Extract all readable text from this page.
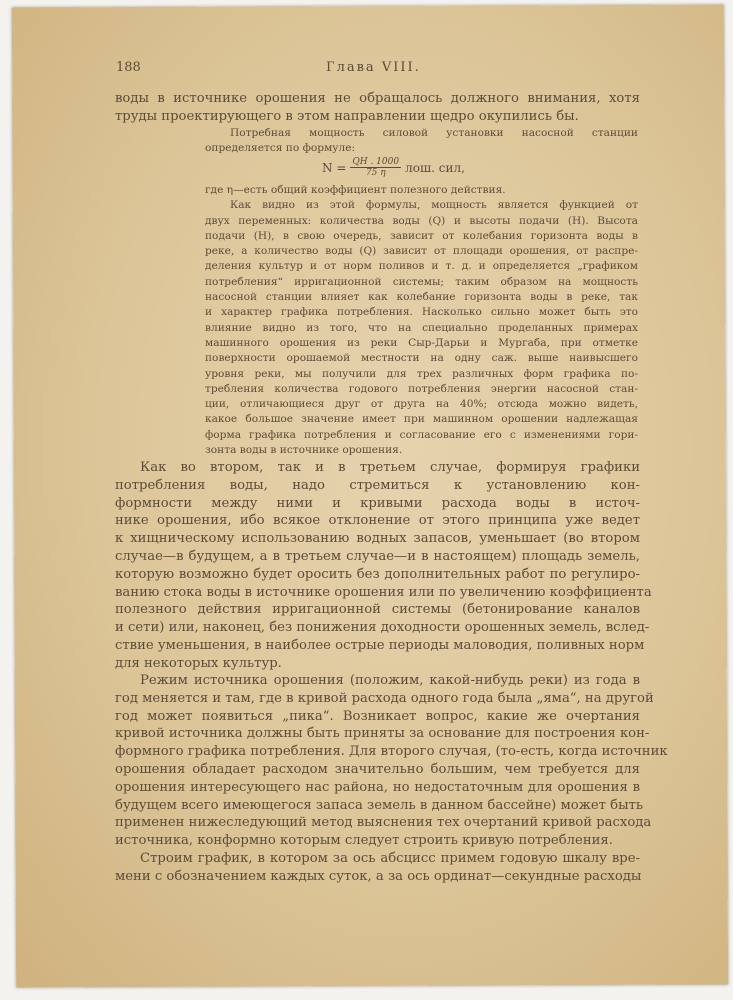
188	Глава VIII.
воды в источнике орошения не обращалось должного внимания, хотя
труды проектирующего в этом направлении щедро окупились бы.
Потребная мощность силовой установки насосной станции
определяется по формуле:
$N = \frac{QH . 1000}{75 \eta}$ лош. сил,
где η—есть общий коэффициент полезного действия.
Как видно из этой формулы, мощность является функцией от
двух переменных: количества воды (Q) и высоты подачи (H). Высота
подачи (H), в свою очередь, зависит от колебания горизонта воды в
реке, а количество воды (Q) зависит от площади орошения, от распре-
деления культур и от норм поливов и т. д. и определяется „графиком
потребления“ ирригационной системы; таким образом на мощность
насосной станции влияет как колебание горизонта воды в реке, так
и характер графика потребления. Насколько сильно может быть это
влияние видно из того, что на специально проделанных примерах
машинного орошения из реки Сыр-Дарьи и Мургаба, при отметке
поверхности орошаемой местности на одну саж. выше наивысшего
уровня реки, мы получили для трех различных форм графика по-
требления количества годового потребления энергии насосной стан-
ции, отличающиеся друг от друга на 40%; отсюда можно видеть,
какое большое значение имеет при машинном орошении надлежащая
форма графика потребления и согласование его с изменениями гори-
зонта воды в источнике орошения.
Как во втором, так и в третьем случае, формируя графики
потребления воды, надо стремиться к установлению кон-
формности между ними и кривыми расхода воды в источ-
нике орошения, ибо всякое отклонение от этого принципа уже ведет
к хищническому использованию водных запасов, уменьшает (во втором
случае—в будущем, а в третьем случае—и в настоящем) площадь земель,
которую возможно будет оросить без дополнительных работ по регулиро-
ванию стока воды в источнике орошения или по увеличению коэффициента
полезного действия ирригационной системы (бетонирование каналов
и сети) или, наконец, без понижения доходности орошенных земель, вслед-
ствие уменьшения, в наиболее острые периоды маловодия, поливных норм
для некоторых культур.
Режим источника орошения (положим, какой-нибудь реки) из года в
год меняется и там, где в кривой расхода одного года была „яма“, на другой
год может появиться „пика“. Возникает вопрос, какие же очертания
кривой источника должны быть приняты за основание для построения кон-
формного графика потребления. Для второго случая, (то-есть, когда источник
орошения обладает расходом значительно большим, чем требуется для
орошения интересующего нас района, но недостаточным для орошения в
будущем всего имеющегося запаса земель в данном бассейне) может быть
применен нижеследующий метод выяснения тех очертаний кривой расхода
источника, конформно которым следует строить кривую потребления.
Строим график, в котором за ось абсцисс примем годовую шкалу вре-
мени с обозначением каждых суток, а за ось ординат—секундные расходы
